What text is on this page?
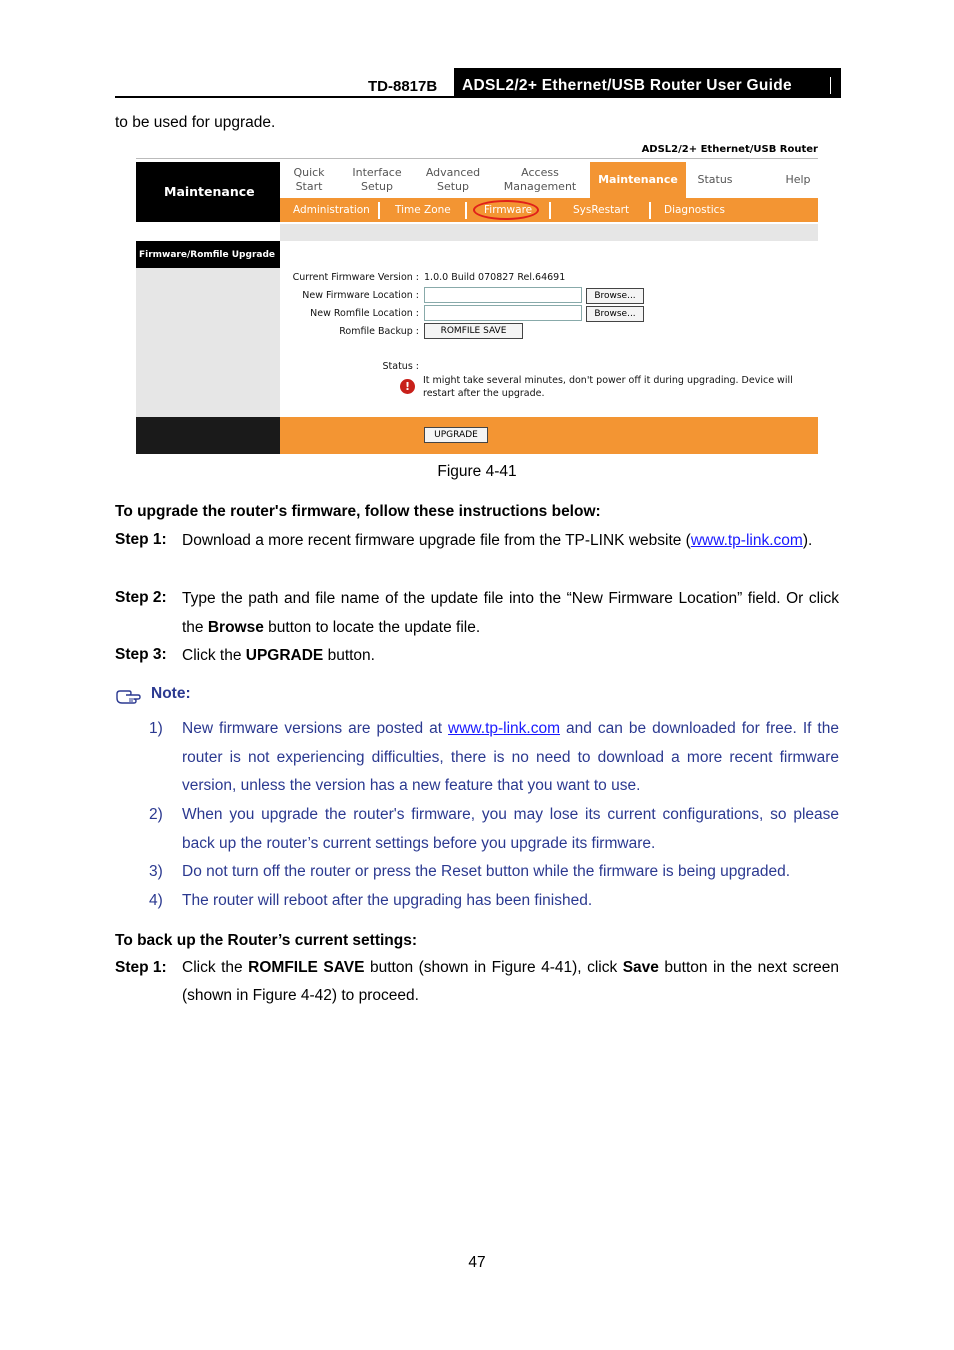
TD-8817B	ADSL2/2+ Ethernet/USB Router User Guide
to be used for upgrade.
ADSL2/2+ Ethernet/USB Router
Maintenance
Quick
Start
Interface
Setup
Advanced
Setup
Access
Management
Maintenance	Status	Help
Administration Time Zone	Firmware	SysRestart	Diagnostics
Firmware/Romfile Upgrade
Current Firmware Version : 1.0.0 Build 070827 Rel.64691
New Firmware Location :	Browse...
New Romfile Location :	Browse...
Romfile Backup :	ROMFILE SAVE
Status :
!	It might take several minutes, don't power off it during upgrading. Device will restart after the upgrade.
UPGRADE
Figure 4-41
To upgrade the router's firmware, follow these instructions below:
Step 1: Download a more recent firmware upgrade file from the TP-LINK website (www.tp-link.com).
Step 2: Type the path and file name of the update file into the “New Firmware Location” field. Or click the Browse button to locate the update file.
Step 3: Click the UPGRADE button.
Note:
1) New firmware versions are posted at www.tp-link.com and can be downloaded for free. If the router is not experiencing difficulties, there is no need to download a more recent firmware version, unless the version has a new feature that you want to use.
2) When you upgrade the router's firmware, you may lose its current configurations, so please back up the router’s current settings before you upgrade its firmware.
3) Do not turn off the router or press the Reset button while the firmware is being upgraded.
4) The router will reboot after the upgrading has been finished.
To back up the Router’s current settings:
Step 1: Click the ROMFILE SAVE button (shown in Figure 4-41), click Save button in the next screen (shown in Figure 4-42) to proceed.
47
